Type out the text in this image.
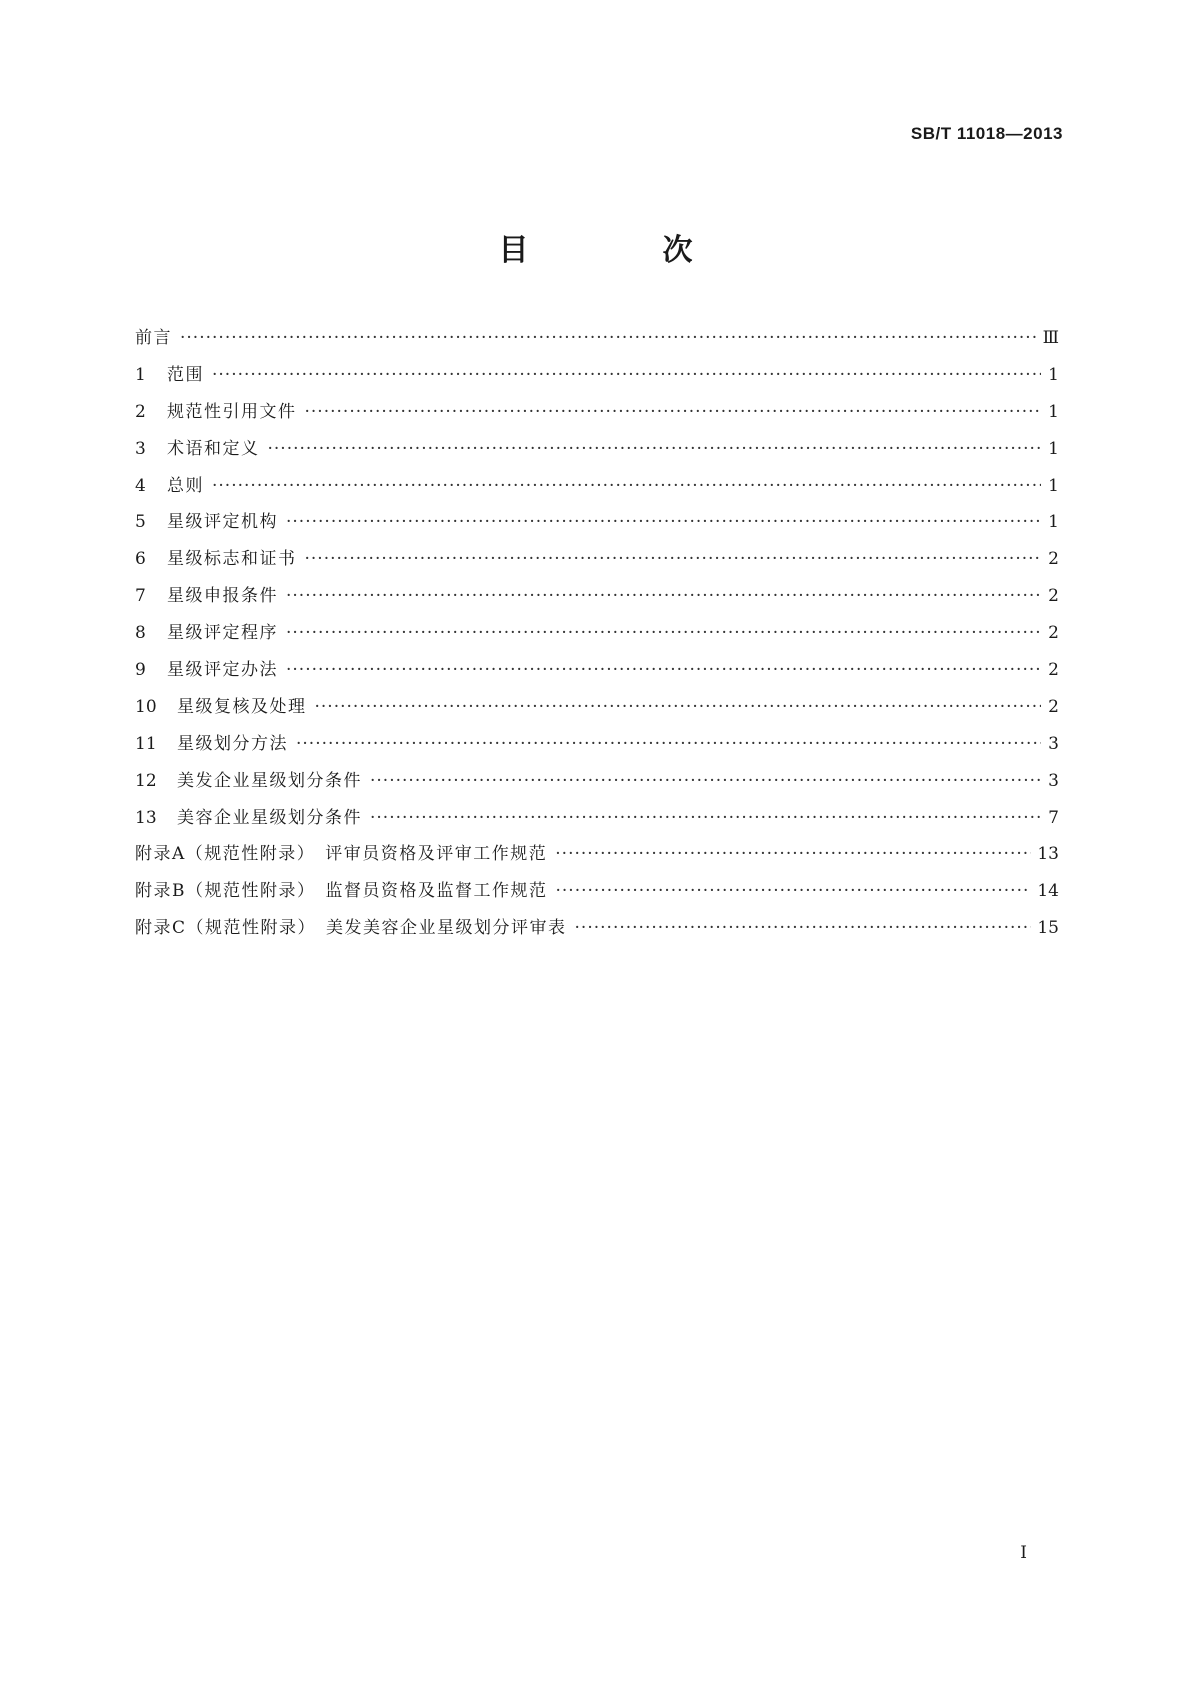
SB/T 11018—2013
目　次
前言 ·····	Ⅲ
1	范围 ·····	1
2	规范性引用文件 ·····	1
3	术语和定义 ·····	1
4	总则 ·····	1
5	星级评定机构 ·····	1
6	星级标志和证书 ·····	2
7	星级申报条件 ·····	2
8	星级评定程序 ·····	2
9	星级评定办法 ·····	2
10	星级复核及处理 ·····	2
11	星级划分方法 ·····	3
12	美发企业星级划分条件 ·····	3
13	美容企业星级划分条件 ·····	7
附录A（规范性附录）　评审员资格及评审工作规范 ·····	13
附录B（规范性附录）　监督员资格及监督工作规范 ·····	14
附录C（规范性附录）　美发美容企业星级划分评审表 ·····	15
I
